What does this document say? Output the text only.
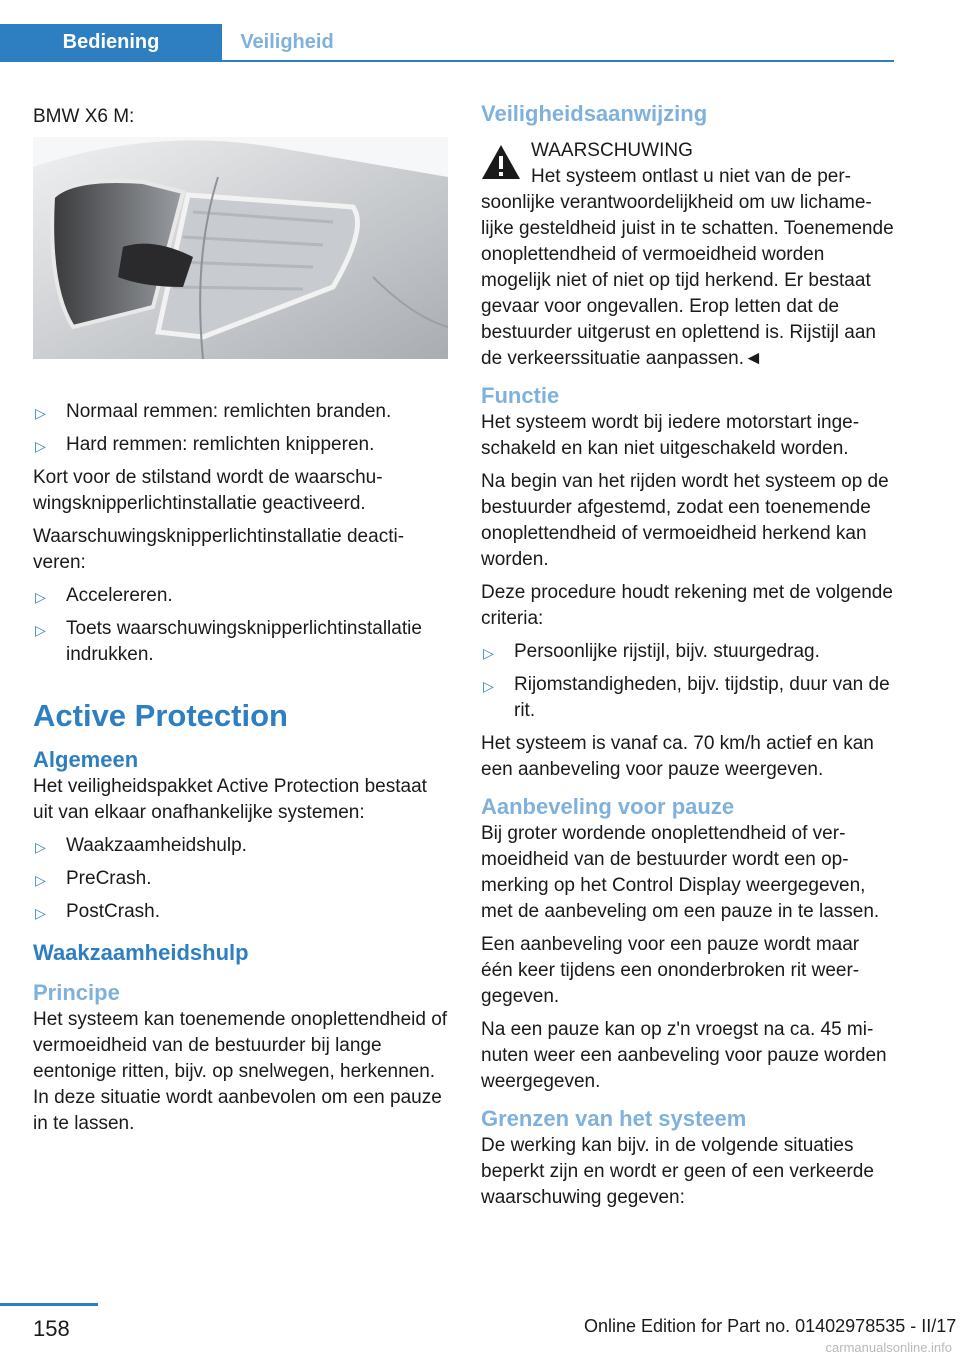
Bediening	Veiligheid

BMW X6 M:

▷ Normaal remmen: remlichten branden.
▷ Hard remmen: remlichten knipperen.

Kort voor de stilstand wordt de waarschuwingsknipperlichtinstallatie geactiveerd.

Waarschuwingsknipperlichtinstallatie deactiveren:

▷ Accelereren.
▷ Toets waarschuwingsknipperlichtinstallatie indrukken.
Active Protection
Algemeen

Het veiligheidspakket Active Protection bestaat uit van elkaar onafhankelijke systemen:

▷ Waakzaamheidshulp.
▷ PreCrash.
▷ PostCrash.
Waakzaamheidshulp
Principe

Het systeem kan toenemende onoplettendheid of vermoeidheid van de bestuurder bij lange eentonige ritten, bijv. op snelwegen, herkennen. In deze situatie wordt aanbevolen om een pauze in te lassen.

Veiligheidsaanwijzing
WAARSCHUWING

Het systeem ontlast u niet van de persoonlijke verantwoordelijkheid om uw lichamelijke gesteldheid juist in te schatten. Toenemende onoplettendheid of vermoeidheid worden mogelijk niet of niet op tijd herkend. Er bestaat gevaar voor ongevallen. Erop letten dat de bestuurder uitgerust en oplettend is. Rijstijl aan de verkeerssituatie aanpassen.◄

Functie

Het systeem wordt bij iedere motorstart ingeschakeld en kan niet uitgeschakeld worden.

Na begin van het rijden wordt het systeem op de bestuurder afgestemd, zodat een toenemende onoplettendheid of vermoeidheid herkend kan worden.

Deze procedure houdt rekening met de volgende criteria:

▷ Persoonlijke rijstijl, bijv. stuurgedrag.
▷ Rijomstandigheden, bijv. tijdstip, duur van de rit.

Het systeem is vanaf ca. 70 km/h actief en kan een aanbeveling voor pauze weergeven.

Aanbeveling voor pauze

Bij groter wordende onoplettendheid of vermoeidheid van de bestuurder wordt een opmerking op het Control Display weergegeven, met de aanbeveling om een pauze in te lassen.

Een aanbeveling voor een pauze wordt maar één keer tijdens een ononderbroken rit weergegeven.

Na een pauze kan op z'n vroegst na ca. 45 minuten weer een aanbeveling voor pauze worden weergegeven.

Grenzen van het systeem

De werking kan bijv. in de volgende situaties beperkt zijn en wordt er geen of een verkeerde waarschuwing gegeven:

158	Online Edition for Part no. 01402978535 - II/17
carmanualsonline.info
